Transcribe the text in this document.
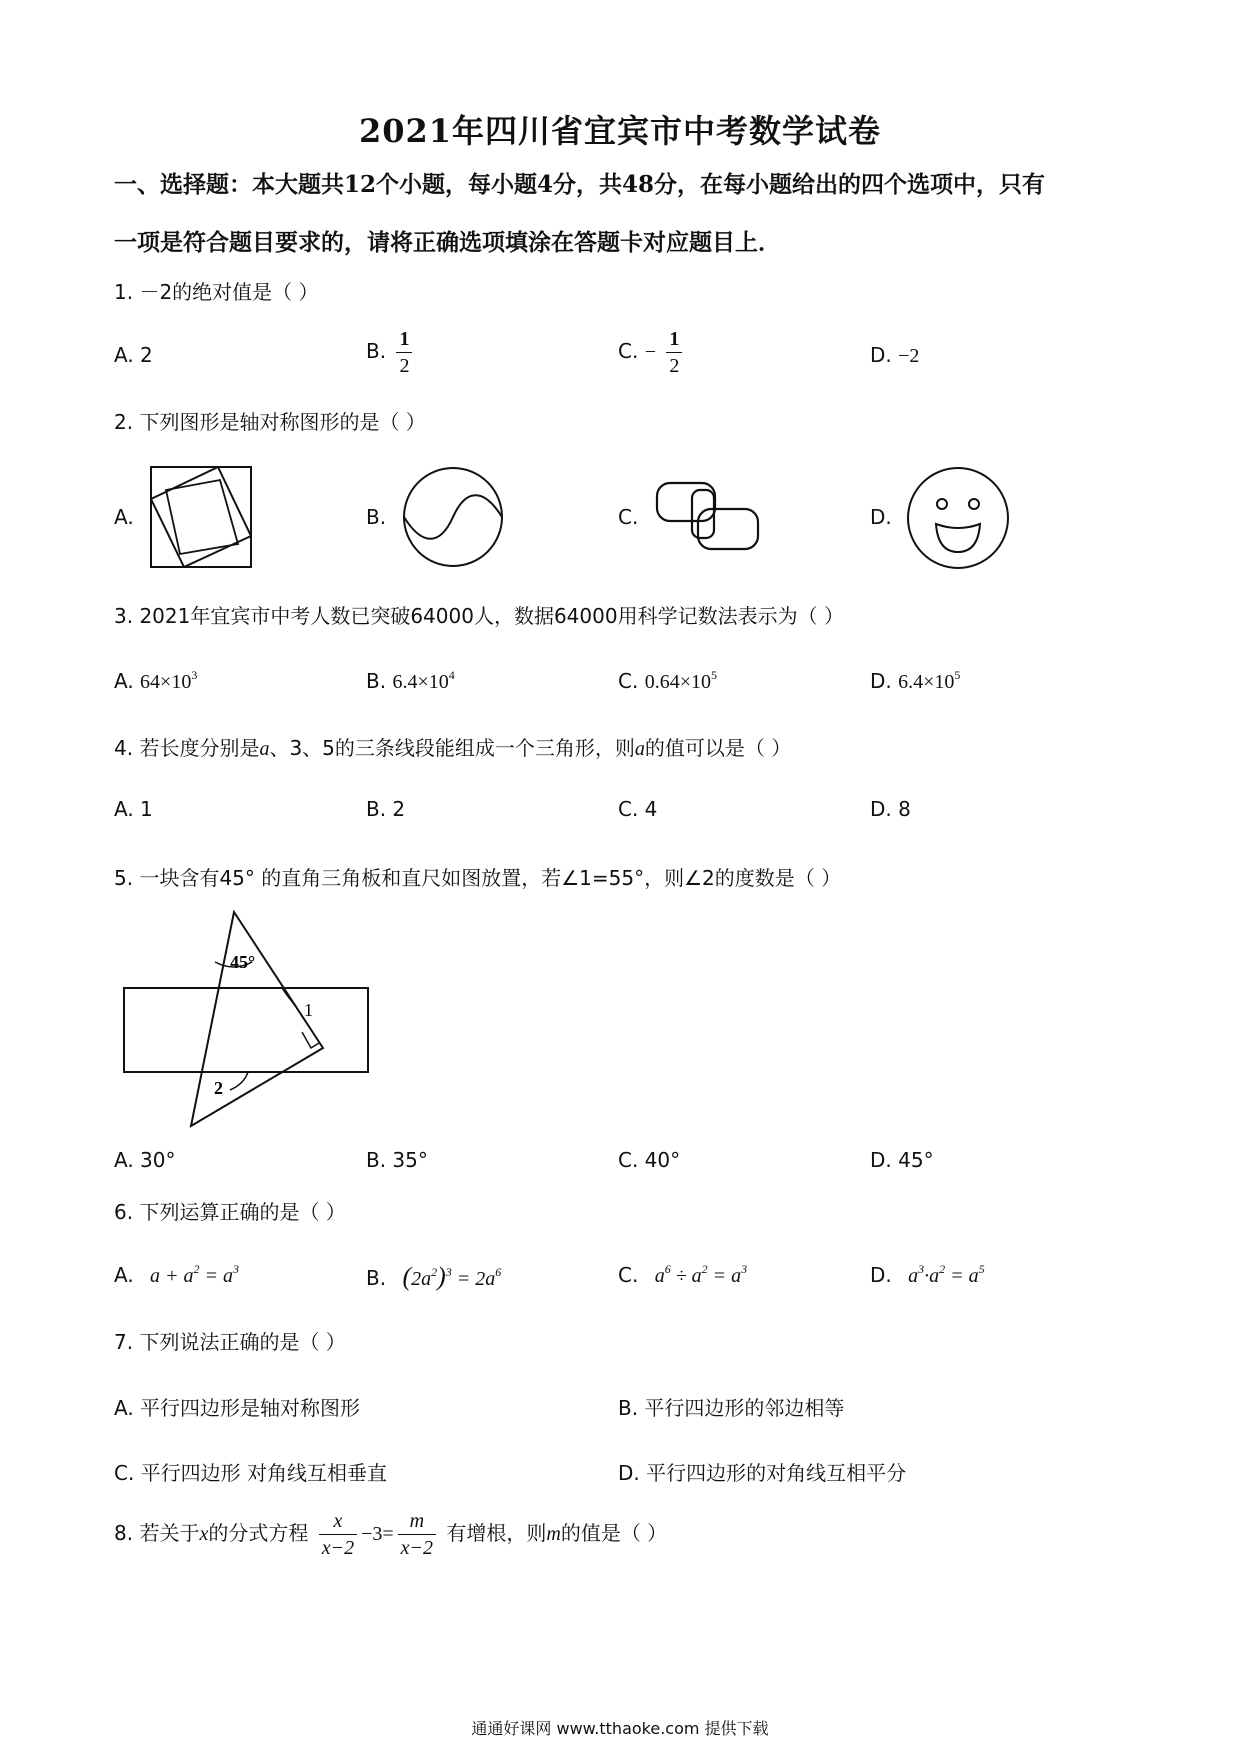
2021年四川省宜宾市中考数学试卷
一、选择题：本大题共12个小题，每小题4分，共48分，在每小题给出的四个选项中，只有
一项是符合题目要求的，请将正确选项填涂在答题卡对应题目上．
1. －2的绝对值是（ ）
A. 2	B. $\frac{1}{2}$	C. − $\frac{1}{2}$	D. −2
2. 下列图形是轴对称图形的是（ ）
A.	B.	C.	D.
3. 2021年宜宾市中考人数已突破64000人，数据64000用科学记数法表示为（ ）
A. $64\times 10^3$	B. $6.4\times 10^4$	C. $0.64\times 10^5$	D. $6.4\times 10^5$
4. 若长度分别是a、3、5的三条线段能组成一个三角形，则a的值可以是（ ）
A. 1	B. 2	C. 4	D. 8
5. 一块含有45° 的直角三角板和直尺如图放置，若∠1=55°，则∠2的度数是（ ）
45°
1
2
A. 30°	B. 35°	C. 40°	D. 45°
6. 下列运算正确的是（ ）
A. $a + a^2 = a^3$	B. $(2a^2)^3 = 2a^6$	C. $a^6 \div a^2 = a^3$	D. $a^3\cdot a^2 = a^5$
7. 下列说法正确的是（ ）
A. 平行四边形是轴对称图形	B. 平行四边形的邻边相等
C. 平行四边形 对角线互相垂直	D. 平行四边形的对角线互相平分
8. 若关于x的分式方程 $\frac{x}{x-2} -3= \frac{m}{x-2}$ 有增根，则m的值是（ ）
通通好课网 www.tthaoke.com 提供下载
